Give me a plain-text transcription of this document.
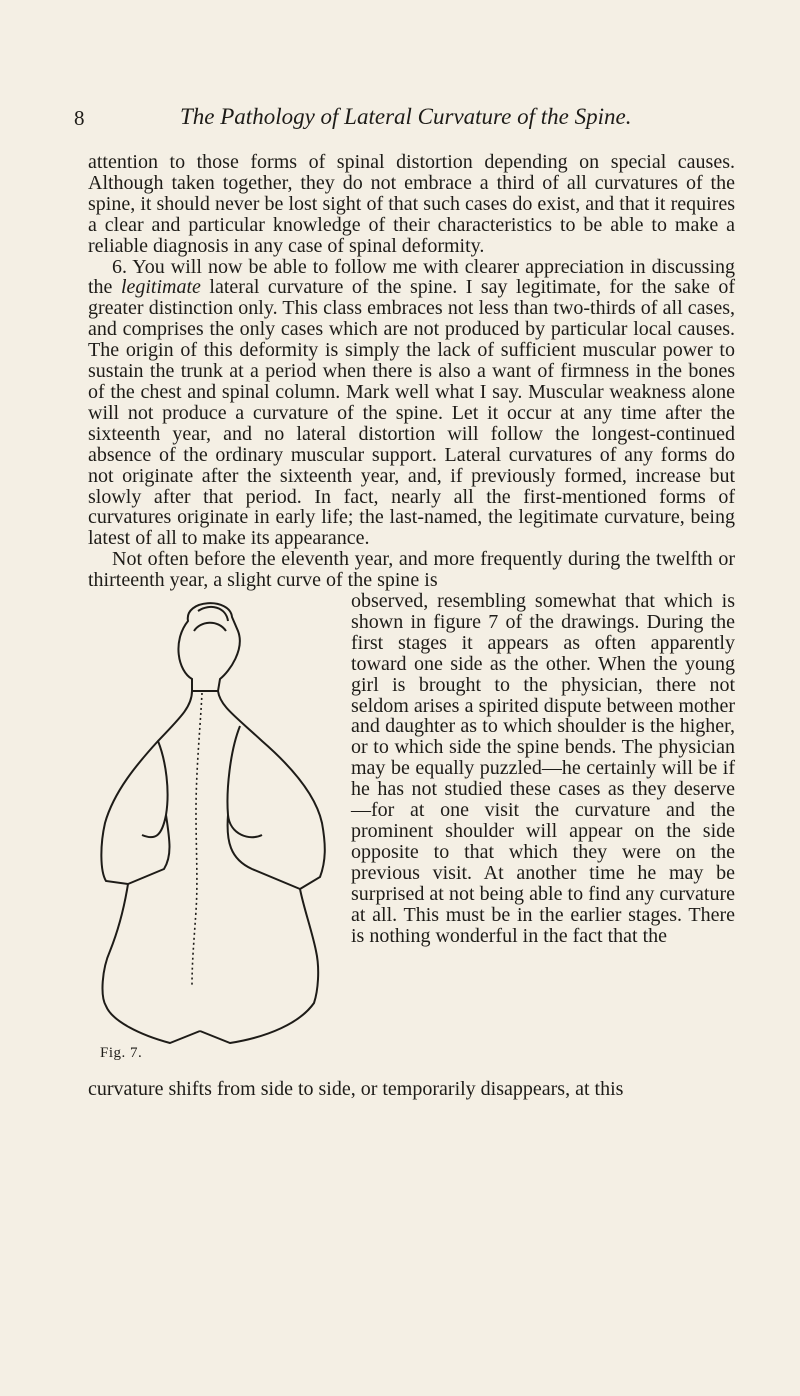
8	The Pathology of Lateral Curvature of the Spine.

attention to those forms of spinal distortion depending on special causes. Although taken together, they do not embrace a third of all curvatures of the spine, it should never be lost sight of that such cases do exist, and that it requires a clear and particular knowledge of their characteristics to be able to make a reliable diagnosis in any case of spinal deformity.

6. You will now be able to follow me with clearer appreciation in discussing the legitimate lateral curvature of the spine. I say legitimate, for the sake of greater distinction only. This class embraces not less than two-thirds of all cases, and comprises the only cases which are not produced by particular local causes. The origin of this deformity is simply the lack of sufficient muscular power to sustain the trunk at a period when there is also a want of firmness in the bones of the chest and spinal column. Mark well what I say. Muscular weakness alone will not produce a curvature of the spine. Let it occur at any time after the sixteenth year, and no lateral distortion will follow the longest-continued absence of the ordinary muscular support. Lateral curvatures of any forms do not originate after the sixteenth year, and, if previously formed, increase but slowly after that period. In fact, nearly all the first-mentioned forms of curvatures originate in early life; the last-named, the legitimate curvature, being latest of all to make its appearance.

Not often before the eleventh year, and more frequently during the twelfth or thirteenth year, a slight curve of the spine is

Fig. 7.

observed, resembling somewhat that which is shown in figure 7 of the drawings. During the first stages it appears as often apparently toward one side as the other. When the young girl is brought to the physician, there not seldom arises a spirited dispute between mother and daughter as to which shoulder is the higher, or to which side the spine bends. The physician may be equally puzzled—he certainly will be if he has not studied these cases as they deserve—for at one visit the curvature and the prominent shoulder will appear on the side opposite to that which they were on the previous visit. At another time he may be surprised at not being able to find any curvature at all. This must be in the earlier stages. There is nothing wonderful in the fact that the

curvature shifts from side to side, or temporarily disappears, at this
